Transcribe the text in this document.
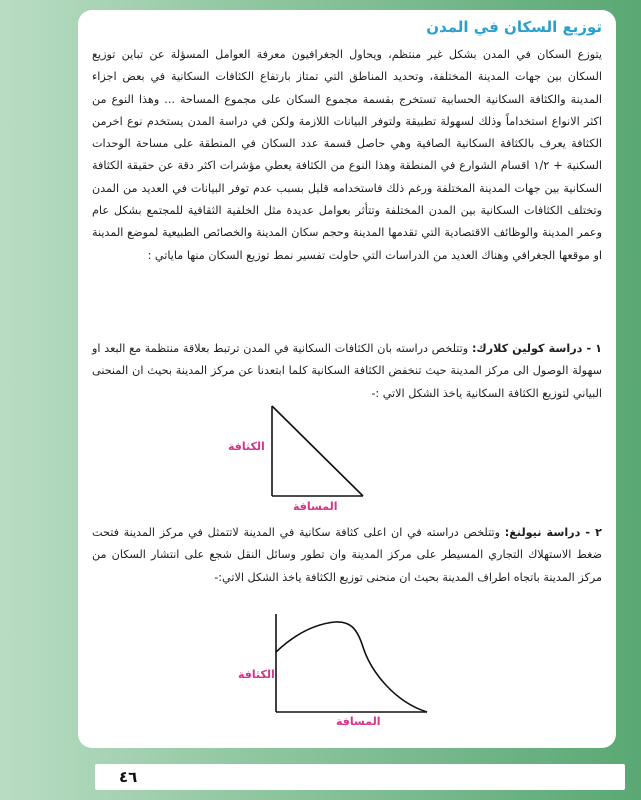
توزيع السكان في المدن
يتوزع السكان في المدن بشكل غير منتظم، ويحاول الجغرافيون معرفة العوامل المسؤلة عن تباين توزيع السكان بين جهات المدينة المختلفة، وتحديد المناطق التي تمتاز بارتفاع الكثافات السكانية في بعض اجزاء المدينة والكثافة السكانية الحسابية تستخرج بقسمة مجموع السكان على مجموع المساحة ... وهذا النوع من اكثر الانواع استخداماً وذلك لسهولة تطبيقة ولتوفر البيانات اللازمة ولكن في دراسة المدن يستخدم نوع اخرمن الكثافة يعرف بالكثافة السكانية الصافية وهي حاصل قسمة عدد السكان في المنطقة على مساحة الوحدات السكنية + ١/٢ اقسام الشوارع في المنطقة وهذا النوع من الكثافة يعطي مؤشرات اكثر دقة عن حقيقة الكثافة السكانية بين جهات المدينة المختلفة ورغم ذلك فاستخدامه قليل بسبب عدم توفر البيانات في العديد من المدن وتختلف الكثافات السكانية بين المدن المختلفة وتتأثر بعوامل عديدة مثل الخلفية الثقافية للمجتمع بشكل عام وعمر المدينة والوظائف الاقتصادية التي تقدمها المدينة وحجم سكان المدينة والخصائص الطبيعية لموضع المدينة او موقعها الجغرافي وهناك العديد من الدراسات التي حاولت تفسير نمط توزيع السكان منها ماياتي :
١ - دراسة كولين كلارك: وتتلخص دراسته بان الكثافات السكانية في المدن ترتبط بعلاقة منتظمة مع البعد او سهولة الوصول الى مركز المدينة حيث تنخفض الكثافة السكانية كلما ابتعدنا عن مركز المدينة بحيث ان المنحنى البياني لتوزيع الكثافة السكانية ياخذ الشكل الاتي :-
الكثافة
المسافة
٢ - دراسة نيولنغ: وتتلخص دراسته في ان اعلى كثافة سكانية في المدينة لاتتمثل في مركز المدينة فتحت ضغط الاستهلاك التجاري المسيطر على مركز المدينة وان تطور وسائل النقل شجع على انتشار السكان من مركز المدينة باتجاه اطراف المدينة بحيث ان منحنى توزيع الكثافة ياخذ الشكل الاتي:-
الكثافة
المسافة
٤٦
